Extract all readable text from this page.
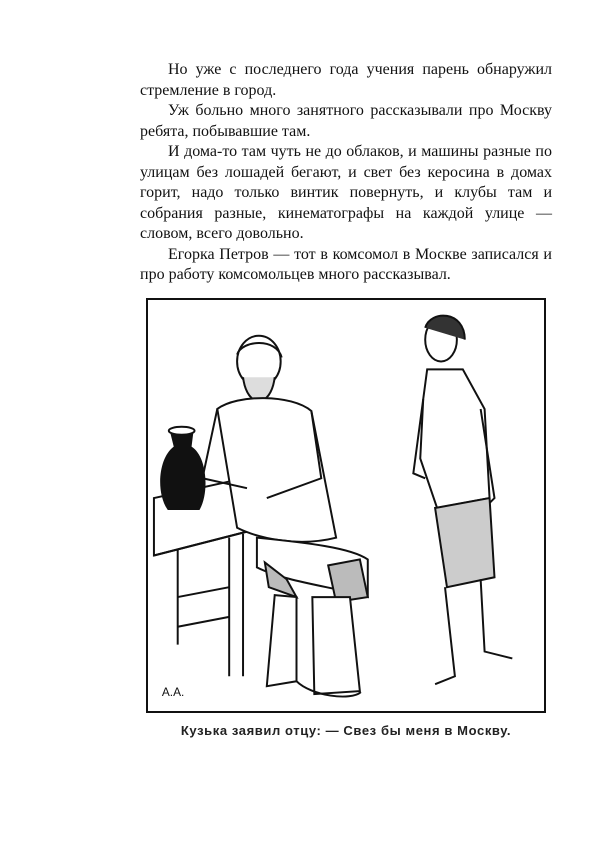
Но уже с последнего года учения парень обнаружил стремление в город.

Уж больно много занятного рассказывали про Москву ребята, побывавшие там.

И дома-то там чуть не до облаков, и машины разные по улицам без лошадей бегают, и свет без керосина в домах горит, надо только винтик повернуть, и клубы там и собрания разные, кинематографы на каждой улице — словом, всего довольно.

Егорка Петров — тот в комсомол в Москве записался и про работу комсомольцев много рассказывал.

А.А.
Кузька заявил отцу: — Свез бы меня в Москву.
